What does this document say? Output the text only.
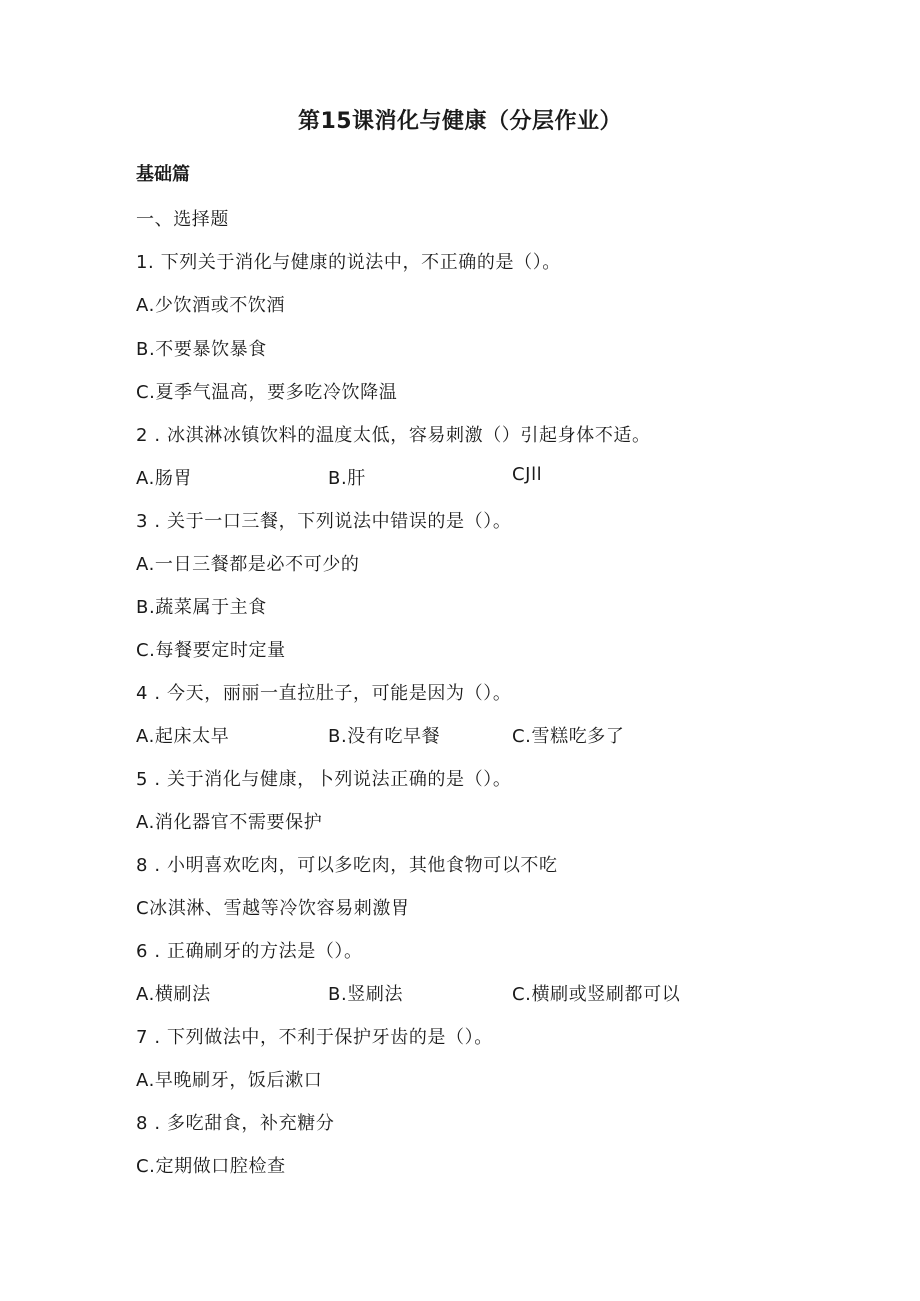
第15课消化与健康（分层作业）
基础篇
一、选择题
1. 下列关于消化与健康的说法中，不正确的是（）。
A.少饮酒或不饮酒
B.不要暴饮暴食
C.夏季气温高，要多吃冷饮降温
2 . 冰淇淋冰镇饮料的温度太低，容易刺激（）引起身体不适。
A.肠胃	B.肝	CJll
3 . 关于一口三餐，下列说法中错误的是（）。
A.一日三餐都是必不可少的
B.蔬菜属于主食
C.每餐要定时定量
4 . 今天，丽丽一直拉肚子，可能是因为（）。
A.起床太早	B.没有吃早餐	C.雪糕吃多了
5 . 关于消化与健康，卜列说法正确的是（）。
A.消化器官不需要保护
8 . 小明喜欢吃肉，可以多吃肉，其他食物可以不吃
C冰淇淋、雪越等冷饮容易刺激胃
6 . 正确刷牙的方法是（）。
A.横刷法	B.竖刷法	C.横刷或竖刷都可以
7 . 下列做法中，不利于保护牙齿的是（）。
A.早晚刷牙，饭后漱口
8 . 多吃甜食，补充糖分
C.定期做口腔检查
